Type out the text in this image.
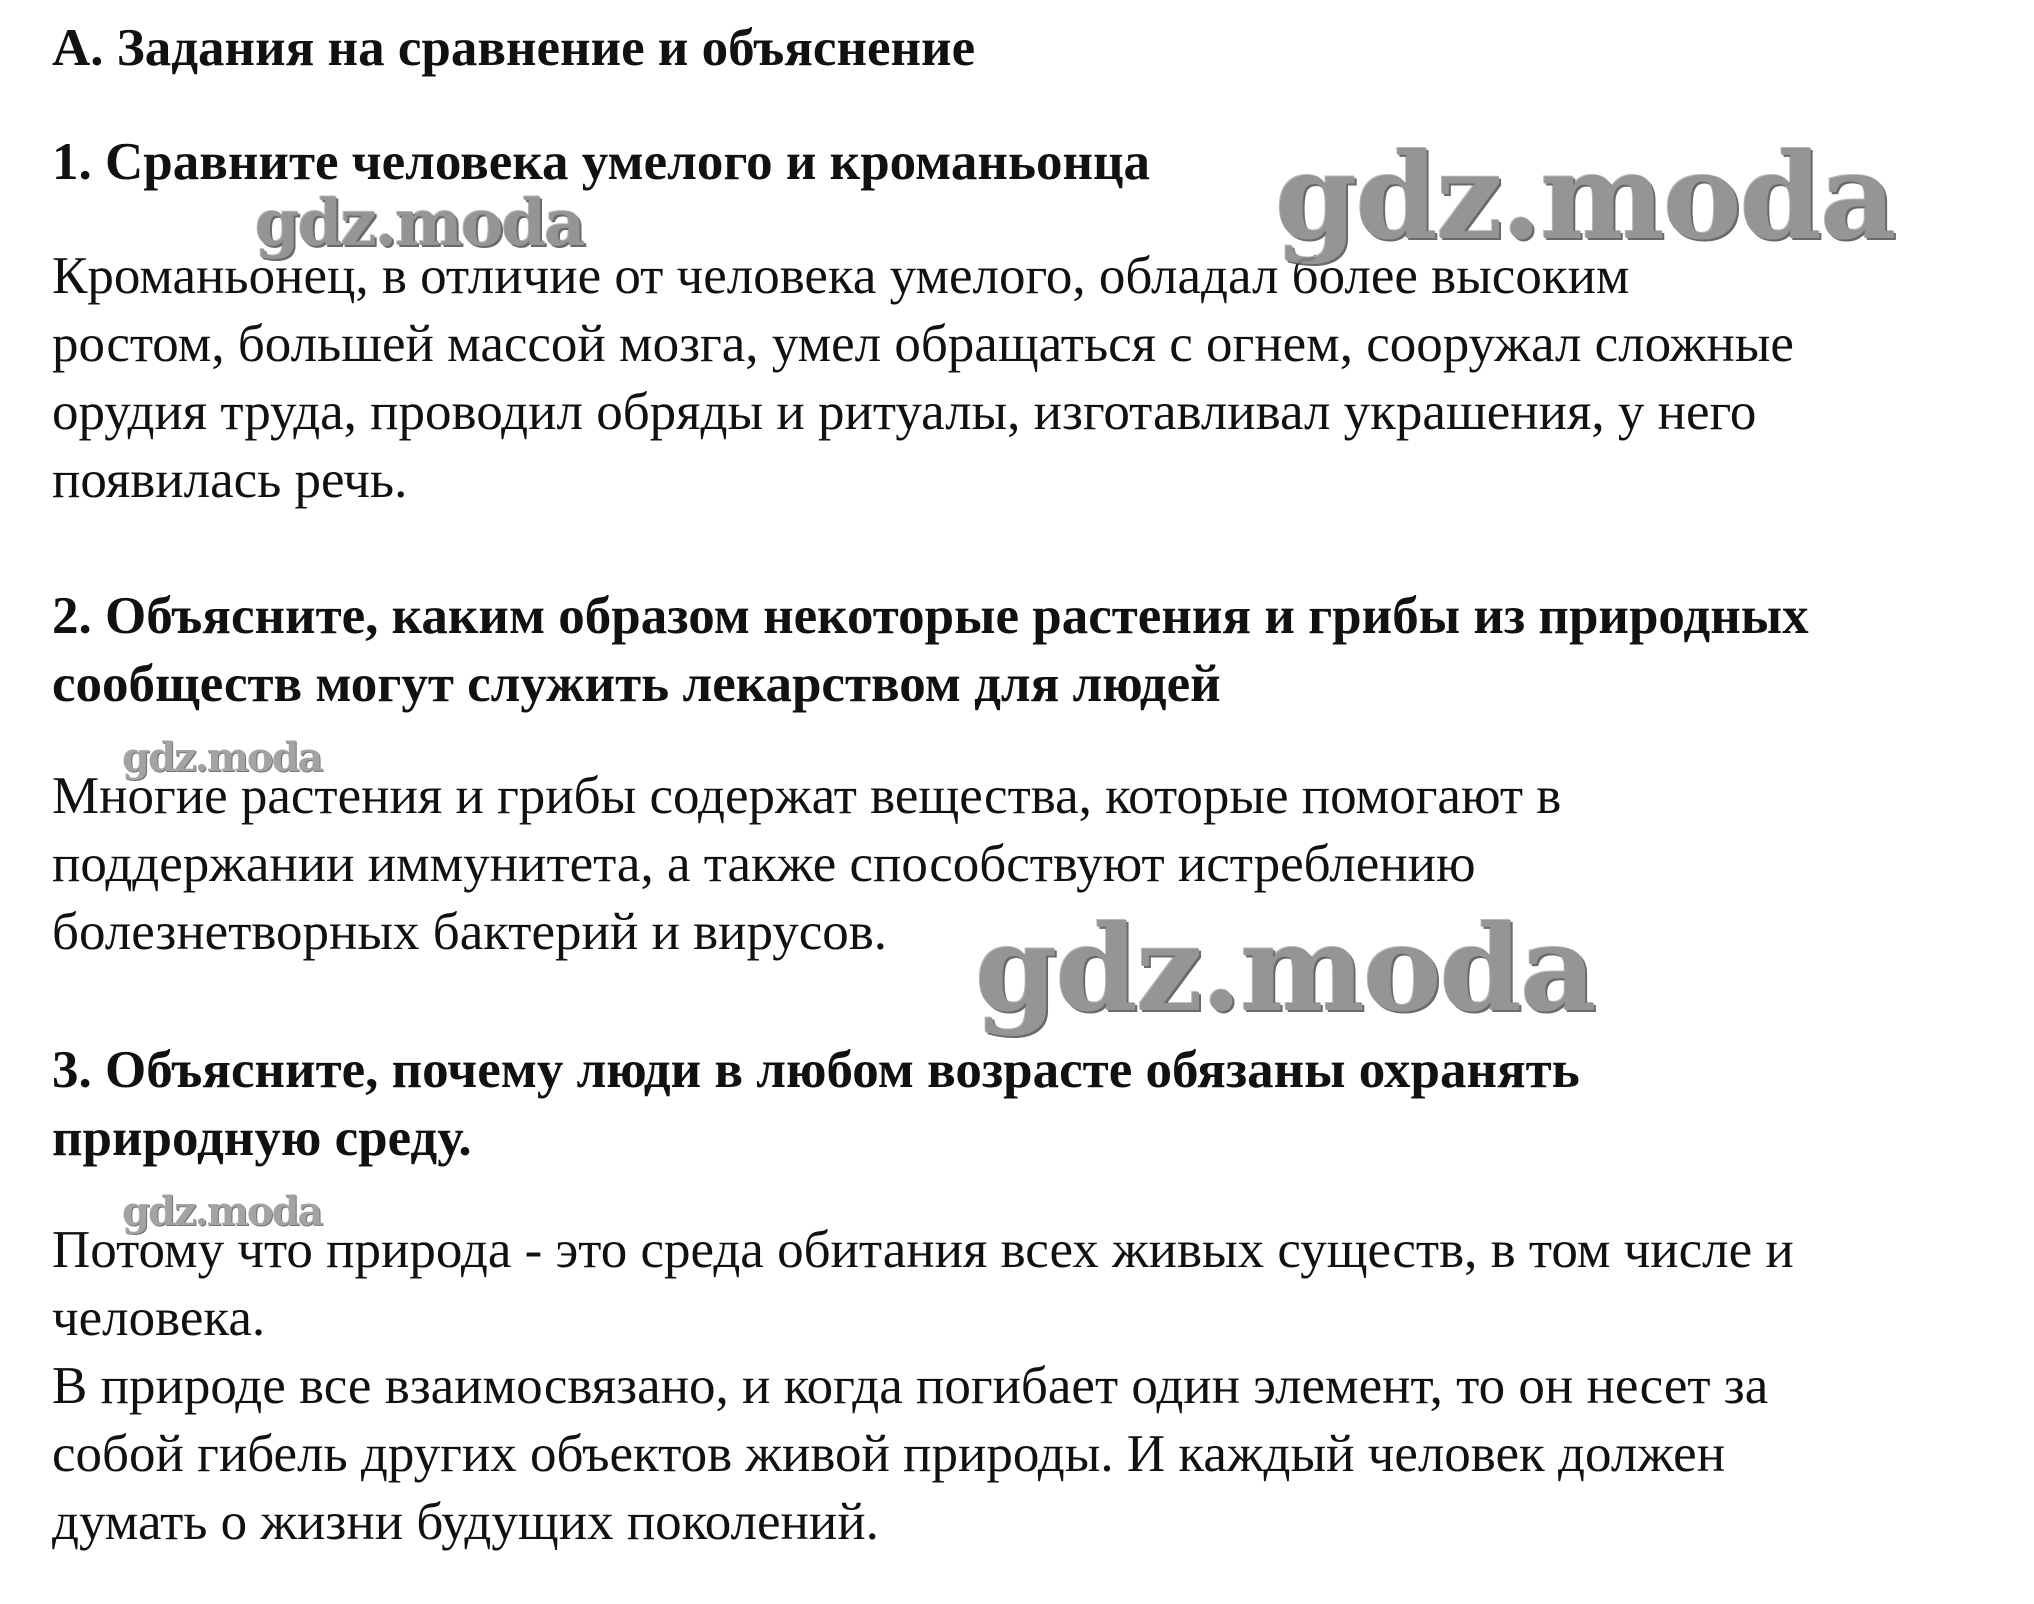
А. Задания на сравнение и объяснение
1. Сравните человека умелого и кроманьонца
Кроманьонец, в отличие от человека умелого, обладал более высоким
ростом, большей массой мозга, умел обращаться с огнем, сооружал сложные
орудия труда, проводил обряды и ритуалы, изготавливал украшения, у него
появилась речь.
2. Объясните, каким образом некоторые растения и грибы из природных
сообществ могут служить лекарством для людей
Многие растения и грибы содержат вещества, которые помогают в
поддержании иммунитета, а также способствуют истреблению
болезнетворных бактерий и вирусов.
3. Объясните, почему люди в любом возрасте обязаны охранять
природную среду.
Потому что природа - это среда обитания всех живых существ, в том числе и
человека.
В природе все взаимосвязано, и когда погибает один элемент, то он несет за
собой гибель других объектов живой природы. И каждый человек должен
думать о жизни будущих поколений.
gdz.moda
gdz.moda
gdz.moda
gdz.moda
gdz.moda
